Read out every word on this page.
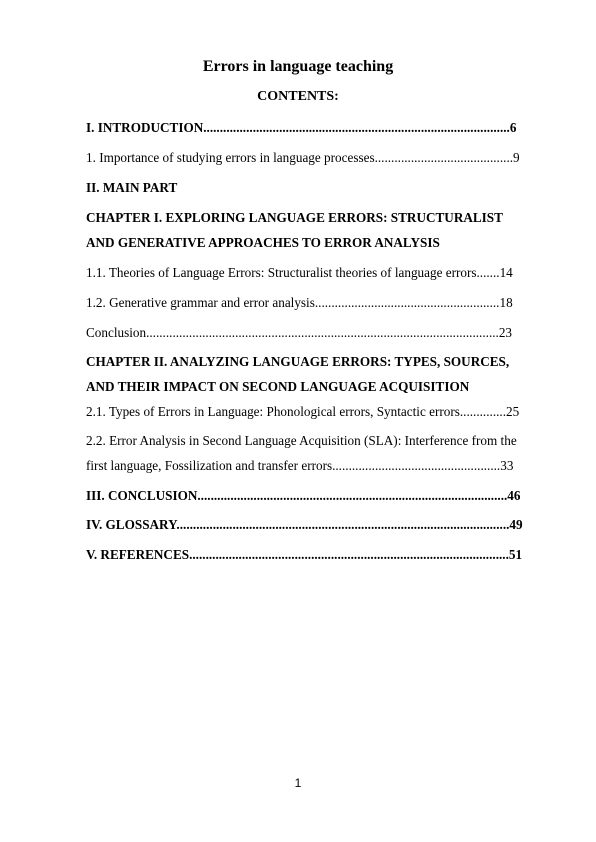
Errors in language teaching
CONTENTS:
I. INTRODUCTION.............................................................................................6
1. Importance of studying errors in language processes..........................................9
II. MAIN PART
CHAPTER I. EXPLORING LANGUAGE ERRORS: STRUCTURALIST
AND GENERATIVE APPROACHES TO ERROR ANALYSIS
1.1. Theories of Language Errors: Structuralist theories of language errors.......14
1.2. Generative grammar and error analysis........................................................18
Conclusion...........................................................................................................23
CHAPTER II. ANALYZING LANGUAGE ERRORS: TYPES, SOURCES,
AND THEIR IMPACT ON SECOND LANGUAGE ACQUISITION
2.1. Types of Errors in Language: Phonological errors, Syntactic errors..............25
2.2. Error Analysis in Second Language Acquisition (SLA): Interference from the
first language, Fossilization and transfer errors...................................................33
III. CONCLUSION..............................................................................................46
IV. GLOSSARY.....................................................................................................49
V. REFERENCES.................................................................................................51
1
